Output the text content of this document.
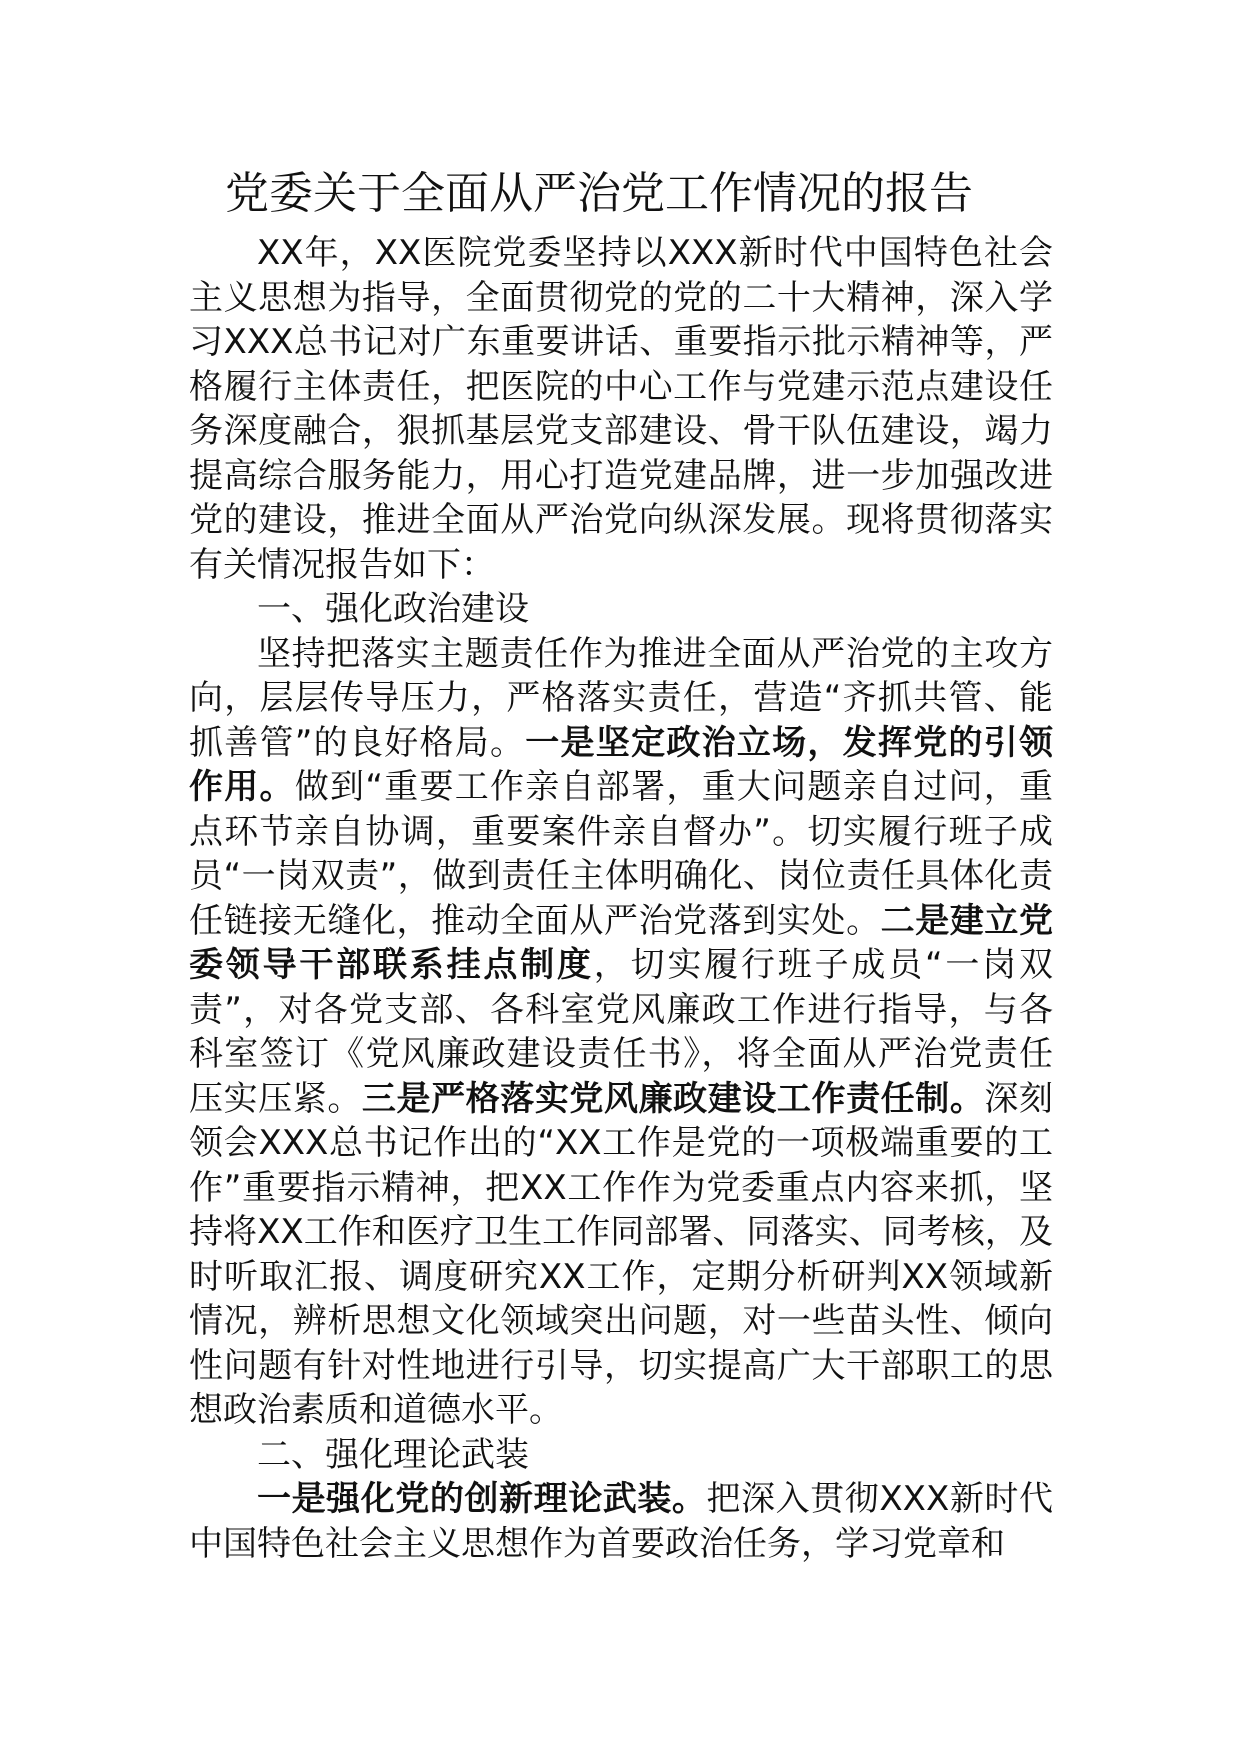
党委关于全面从严治党工作情况的报告

XX年，XX医院党委坚持以XXX新时代中国特色社会主义思想为指导，全面贯彻党的党的二十大精神，深入学习XXX总书记对广东重要讲话、重要指示批示精神等，严格履行主体责任，把医院的中心工作与党建示范点建设任务深度融合，狠抓基层党支部建设、骨干队伍建设，竭力提高综合服务能力，用心打造党建品牌，进一步加强改进党的建设，推进全面从严治党向纵深发展。现将贯彻落实有关情况报告如下：

一、强化政治建设

坚持把落实主题责任作为推进全面从严治党的主攻方向，层层传导压力，严格落实责任，营造“齐抓共管、能抓善管”的良好格局。一是坚定政治立场，发挥党的引领作用。做到“重要工作亲自部署，重大问题亲自过问，重点环节亲自协调，重要案件亲自督办”。切实履行班子成员“一岗双责”，做到责任主体明确化、岗位责任具体化责任链接无缝化，推动全面从严治党落到实处。二是建立党委领导干部联系挂点制度，切实履行班子成员“一岗双责”，对各党支部、各科室党风廉政工作进行指导，与各科室签订《党风廉政建设责任书》，将全面从严治党责任压实压紧。三是严格落实党风廉政建设工作责任制。深刻领会XXX总书记作出的“XX工作是党的一项极端重要的工作”重要指示精神，把XX工作作为党委重点内容来抓，坚持将XX工作和医疗卫生工作同部署、同落实、同考核，及时听取汇报、调度研究XX工作，定期分析研判XX领域新情况，辨析思想文化领域突出问题，对一些苗头性、倾向性问题有针对性地进行引导，切实提高广大干部职工的思想政治素质和道德水平。

二、强化理论武装

一是强化党的创新理论武装。把深入贯彻XXX新时代中国特色社会主义思想作为首要政治任务，学习党章和
